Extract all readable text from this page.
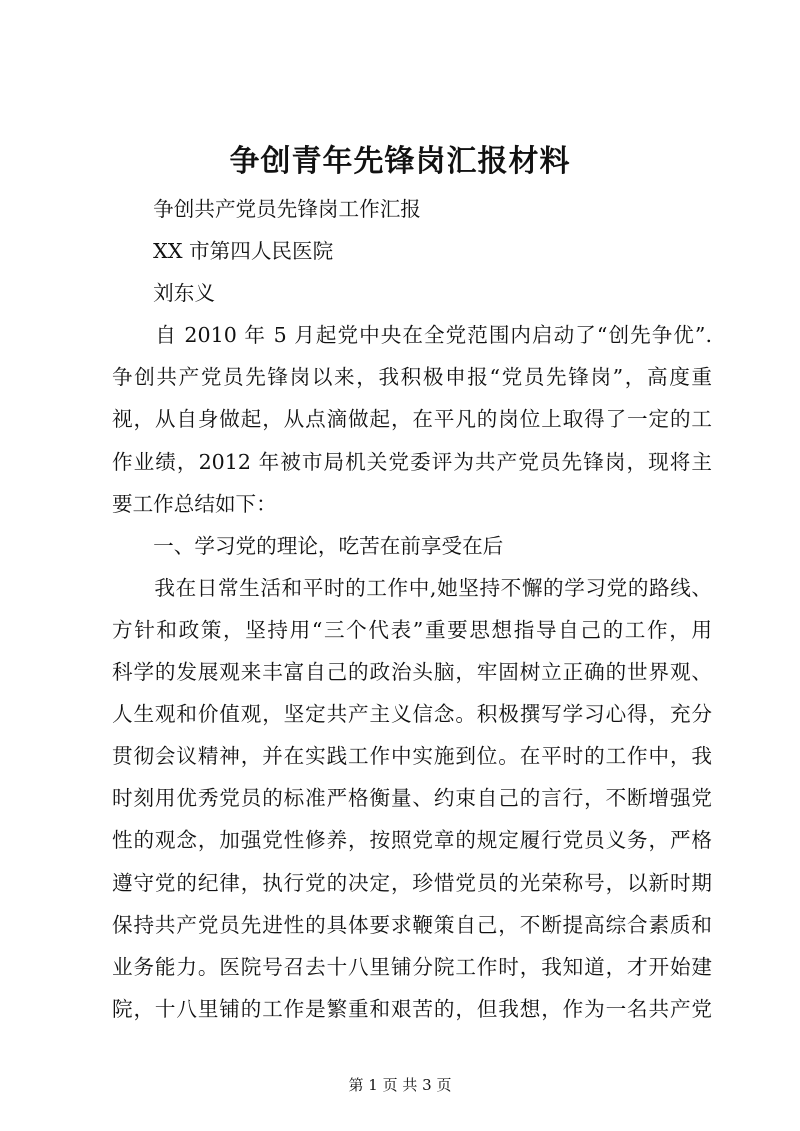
争创青年先锋岗汇报材料
　　争创共产党员先锋岗工作汇报
　　XX 市第四人民医院
　　刘东义
　　自 2010 年 5 月起党中央在全党范围内启动了“创先争优”.
争创共产党员先锋岗以来，我积极申报“党员先锋岗”，高度重
视，从自身做起，从点滴做起，在平凡的岗位上取得了一定的工
作业绩，2012 年被市局机关党委评为共产党员先锋岗，现将主
要工作总结如下：
　　一、学习党的理论，吃苦在前享受在后
　　我在日常生活和平时的工作中,她坚持不懈的学习党的路线、
方针和政策，坚持用“三个代表”重要思想指导自己的工作，用
科学的发展观来丰富自己的政治头脑，牢固树立正确的世界观、
人生观和价值观，坚定共产主义信念。积极撰写学习心得，充分
贯彻会议精神，并在实践工作中实施到位。在平时的工作中，我
时刻用优秀党员的标准严格衡量、约束自己的言行，不断增强党
性的观念，加强党性修养，按照党章的规定履行党员义务，严格
遵守党的纪律，执行党的决定，珍惜党员的光荣称号，以新时期
保持共产党员先进性的具体要求鞭策自己，不断提高综合素质和
业务能力。医院号召去十八里铺分院工作时，我知道，才开始建
院，十八里铺的工作是繁重和艰苦的，但我想，作为一名共产党
第 1 页 共 3 页
